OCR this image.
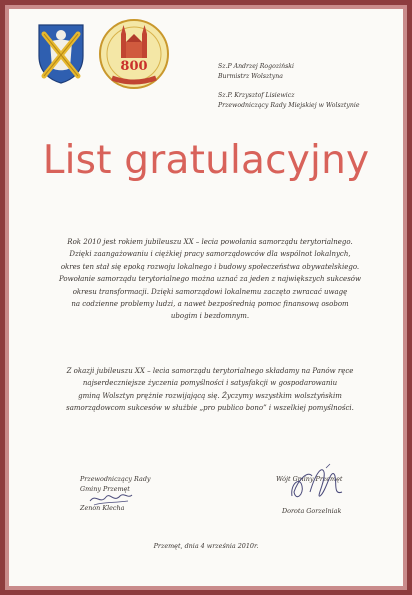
800	Sz.P Andrzej Rogoziński
Burmistrz Wolsztyna
Sz.P. Krzysztof Lisiewicz
Przewodniczący Rady Miejskiej w Wolsztynie
List gratulacyjny
Rok 2010 jest rokiem jubileuszu XX – lecia powołania samorządu terytorialnego.
Dzięki zaangażowaniu i ciężkiej pracy samorządowców dla wspólnot lokalnych,
okres ten stał się epoką rozwoju lokalnego i budowy społeczeństwa obywatelskiego.
Powołanie samorządu terytorialnego można uznać za jeden z największych sukcesów
okresu transformacji. Dzięki samorządowi lokalnemu zaczęto zwracać uwagę
na codzienne problemy ludzi, a nawet bezpośrednią pomoc finansową osobom
ubogim i bezdomnym.
Z okazji jubileuszu XX – lecia samorządu terytorialnego składamy na Panów ręce
najserdeczniejsze życzenia pomyślności i satysfakcji w gospodarowaniu
gminą Wolsztyn prężnie rozwijającą się. Życzymy wszystkim wolsztyńskim
samorządowcom sukcesów w służbie „pro publico bono” i wszelkiej pomyślności.
Przewodniczący Rady
Gminy Przemęt
Zenon Klecha
Wójt Gminy Przemęt
Dorota Gorzelniak
Przemęt, dnia 4 września 2010r.
